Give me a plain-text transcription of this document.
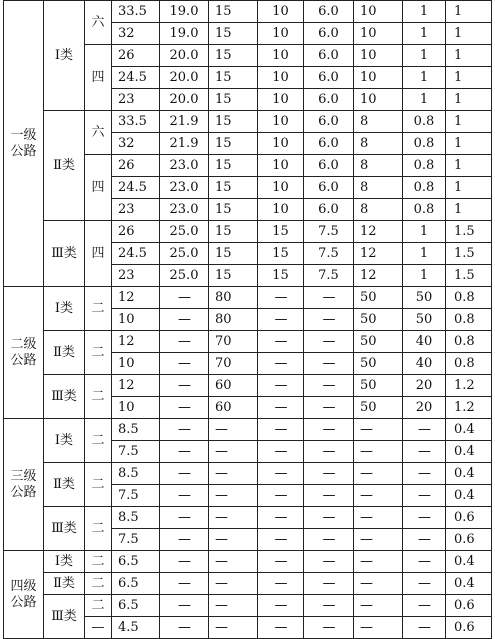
一级
公路	Ⅰ类	六	33.5	19.0	15	10	6.0	10	1	1
			32	19.0	15	10	6.0	10	1	1
		四	26	20.0	15	10	6.0	10	1	1
			24.5	20.0	15	10	6.0	10	1	1
			23	20.0	15	10	6.0	10	1	1
	Ⅱ类	六	33.5	21.9	15	10	6.0	8	0.8	1
			32	21.9	15	10	6.0	8	0.8	1
		四	26	23.0	15	10	6.0	8	0.8	1
			24.5	23.0	15	10	6.0	8	0.8	1
			23	23.0	15	10	6.0	8	0.8	1
	Ⅲ类	四	26	25.0	15	15	7.5	12	1	1.5
			24.5	25.0	15	15	7.5	12	1	1.5
			23	25.0	15	15	7.5	12	1	1.5
二级
公路	Ⅰ类	二	12	—	80	—	—	50	50	0.8
			10	—	80	—	—	50	50	0.8
	Ⅱ类	二	12	—	70	—	—	50	40	0.8
			10	—	70	—	—	50	40	0.8
	Ⅲ类	二	12	—	60	—	—	50	20	1.2
			10	—	60	—	—	50	20	1.2
三级
公路	Ⅰ类	二	8.5	—	—	—	—	—	—	0.4
			7.5	—	—	—	—	—	—	0.4
	Ⅱ类	二	8.5	—	—	—	—	—	—	0.4
			7.5	—	—	—	—	—	—	0.4
	Ⅲ类	二	8.5	—	—	—	—	—	—	0.6
			7.5	—	—	—	—	—	—	0.6
四级
公路	Ⅰ类	二	6.5	—	—	—	—	—	—	0.4
	Ⅱ类	二	6.5	—	—	—	—	—	—	0.4
	Ⅲ类	二	6.5	—	—	—	—	—	—	0.6
		—	4.5	—	—	—	—	—	—	0.6
